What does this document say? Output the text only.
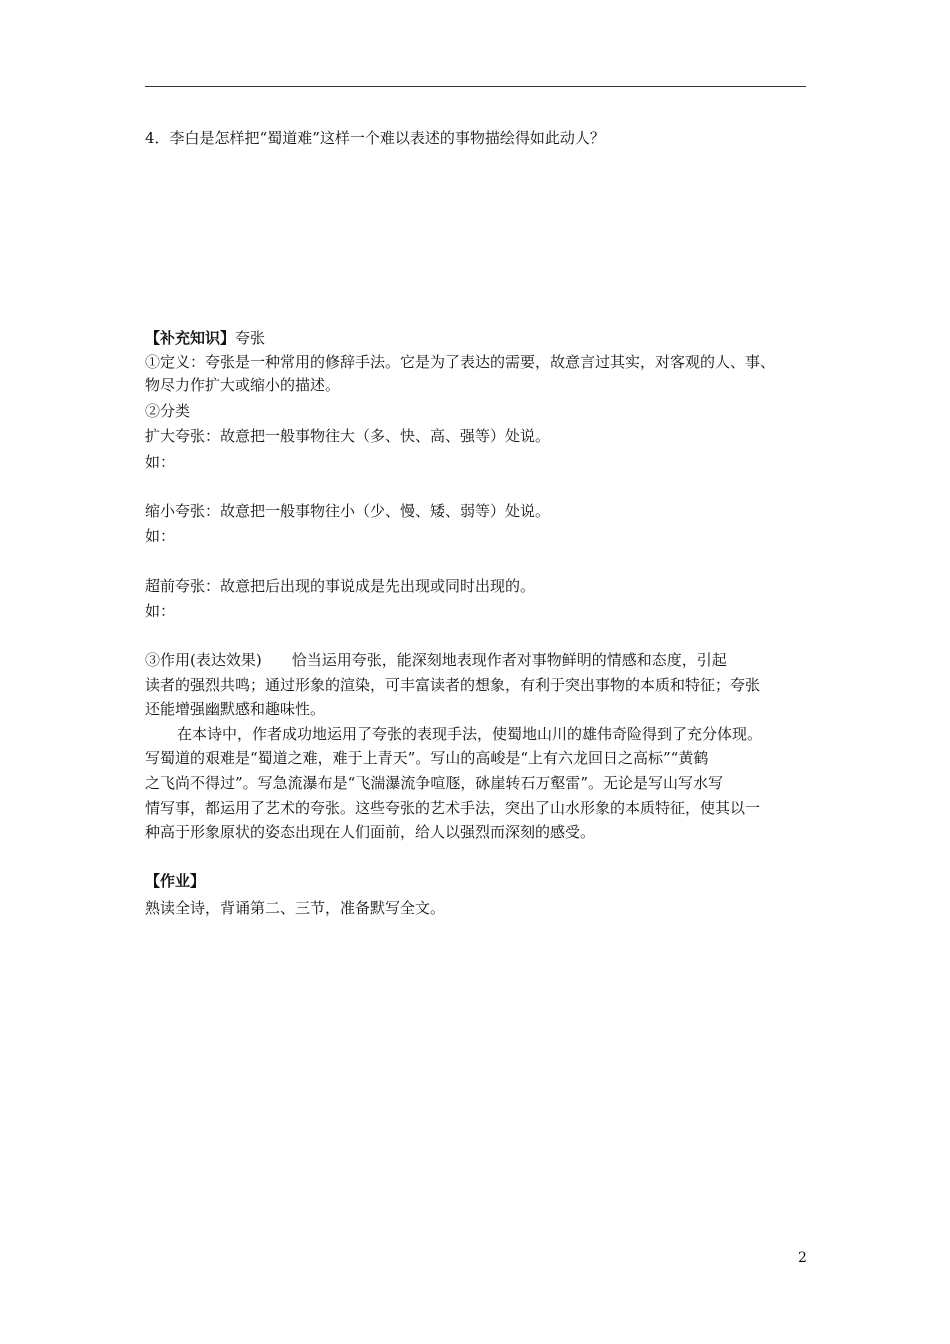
4．李白是怎样把“蜀道难”这样一个难以表述的事物描绘得如此动人？
【补充知识】夸张
①定义：夸张是一种常用的修辞手法。它是为了表达的需要，故意言过其实，对客观的人、事、
物尽力作扩大或缩小的描述。
②分类
扩大夸张：故意把一般事物往大（多、快、高、强等）处说。
如：
缩小夸张：故意把一般事物往小（少、慢、矮、弱等）处说。
如：
超前夸张：故意把后出现的事说成是先出现或同时出现的。
如：
③作用(表达效果) 恰当运用夸张，能深刻地表现作者对事物鲜明的情感和态度，引起
读者的强烈共鸣；通过形象的渲染，可丰富读者的想象，有利于突出事物的本质和特征；夸张
还能增强幽默感和趣味性。
在本诗中，作者成功地运用了夸张的表现手法，使蜀地山川的雄伟奇险得到了充分体现。
写蜀道的艰难是“蜀道之难，难于上青天”。写山的高峻是“上有六龙回日之高标”“黄鹤
之飞尚不得过”。写急流瀑布是“飞湍瀑流争喧豗，砯崖转石万壑雷”。无论是写山写水写
情写事，都运用了艺术的夸张。这些夸张的艺术手法，突出了山水形象的本质特征，使其以一
种高于形象原状的姿态出现在人们面前，给人以强烈而深刻的感受。
【作业】
熟读全诗，背诵第二、三节，准备默写全文。
2
